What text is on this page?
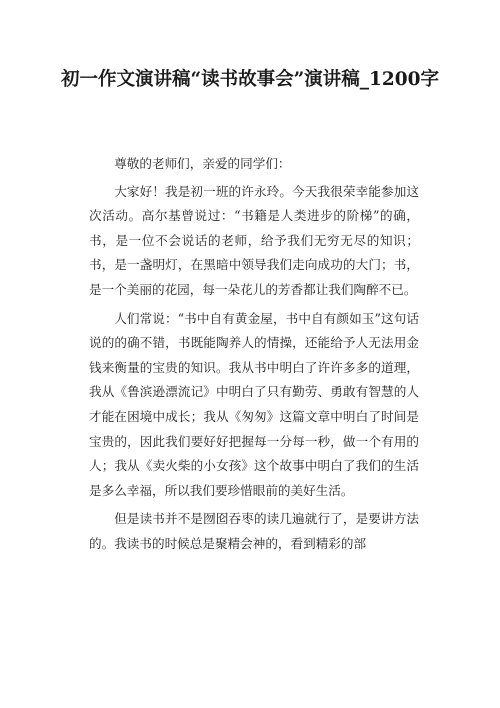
初一作文演讲稿“读书故事会”演讲稿_1200字

尊敬的老师们，亲爱的同学们：

大家好！我是初一班的许永玲。今天我很荣幸能参加这次活动。高尔基曾说过：“书籍是人类进步的阶梯”的确，书，是一位不会说话的老师，给予我们无穷无尽的知识；书，是一盏明灯，在黑暗中领导我们走向成功的大门；书，是一个美丽的花园，每一朵花儿的芳香都让我们陶醉不已。

人们常说：“书中自有黄金屋，书中自有颜如玉”这句话说的的确不错，书既能陶养人的情操，还能给予人无法用金钱来衡量的宝贵的知识。我从书中明白了许许多多的道理，我从《鲁滨逊漂流记》中明白了只有勤劳、勇敢有智慧的人才能在困境中成长；我从《匆匆》这篇文章中明白了时间是宝贵的，因此我们要好好把握每一分每一秒，做一个有用的人；我从《卖火柴的小女孩》这个故事中明白了我们的生活是多么幸福，所以我们要珍惜眼前的美好生活。

但是读书并不是囫囵吞枣的读几遍就行了，是要讲方法的。我读书的时候总是聚精会神的，看到精彩的部
